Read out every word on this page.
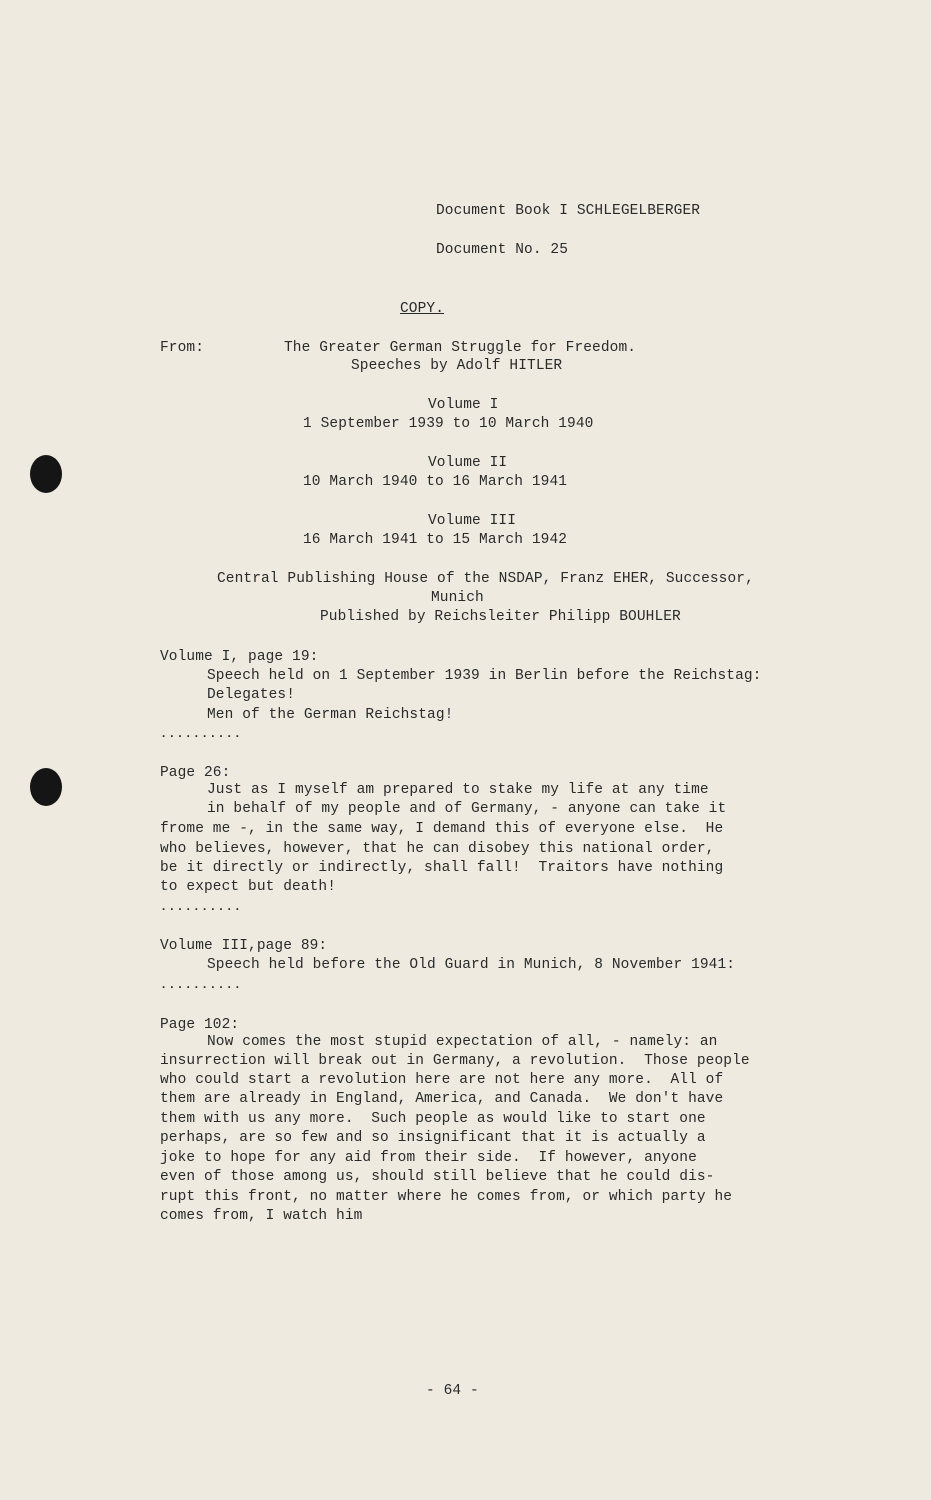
Document Book I SCHLEGELBERGER
Document No. 25
COPY.
From:	The Greater German Struggle for Freedom.
Speeches by Adolf HITLER
Volume I
1 September 1939 to 10 March 1940
Volume II
10 March 1940 to 16 March 1941
Volume III
16 March 1941 to 15 March 1942
Central Publishing House of the NSDAP, Franz EHER, Successor,
Munich
Published by Reichsleiter Philipp BOUHLER
Volume I, page 19:
Speech held on 1 September 1939 in Berlin before the Reichstag:
Delegates!
Men of the German Reichstag!
..........
Page 26:
Just as I myself am prepared to stake my life at any time
in behalf of my people and of Germany, - anyone can take it
frome me -, in the same way, I demand this of everyone else.  He
who believes, however, that he can disobey this national order,
be it directly or indirectly, shall fall!  Traitors have nothing
to expect but death!
..........
Volume III,page 89:
Speech held before the Old Guard in Munich, 8 November 1941:
..........
Page 102:
Now comes the most stupid expectation of all, - namely: an
insurrection will break out in Germany, a revolution.  Those people
who could start a revolution here are not here any more.  All of
them are already in England, America, and Canada.  We don't have
them with us any more.  Such people as would like to start one
perhaps, are so few and so insignificant that it is actually a
joke to hope for any aid from their side.  If however, anyone
even of those among us, should still believe that he could dis-
rupt this front, no matter where he comes from, or which party he
comes from, I watch him
- 64 -
